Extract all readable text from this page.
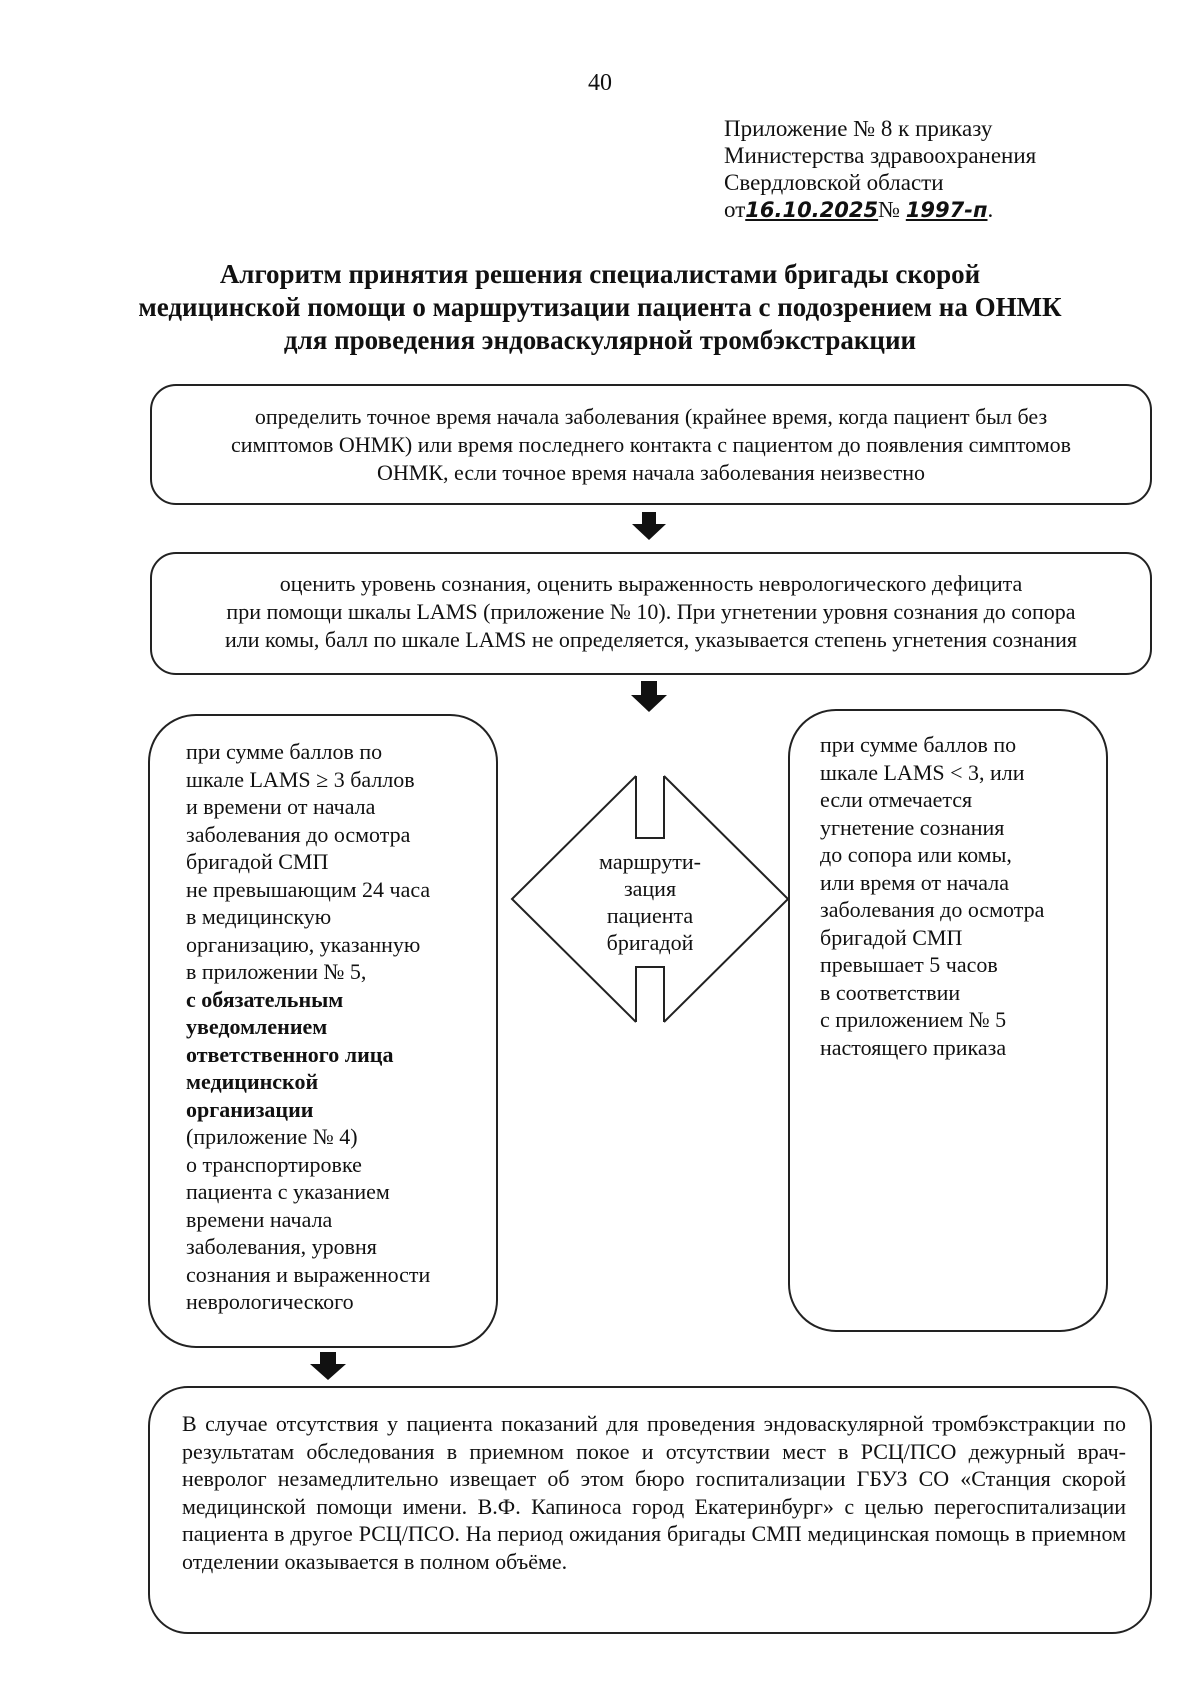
40
Приложение № 8 к приказу
Министерства здравоохранения
Свердловской области
от16.10.2025№ 1997-п.
Алгоритм принятия решения специалистами бригады скорой
медицинской помощи о маршрутизации пациента с подозрением на ОНМК
для проведения эндоваскулярной тромбэкстракции
определить точное время начала заболевания (крайнее время, когда пациент был без
симптомов ОНМК) или время последнего контакта с пациентом до появления симптомов
ОНМК, если точное время начала заболевания неизвестно
оценить уровень сознания, оценить выраженность неврологического дефицита
при помощи шкалы LAMS (приложение № 10). При угнетении уровня сознания до сопора
или комы, балл по шкале LAMS не определяется, указывается степень угнетения сознания
при сумме баллов по
шкале LAMS ≥ 3 баллов
и времени от начала
заболевания до осмотра
бригадой СМП
не превышающим 24 часа
в медицинскую
организацию, указанную
в приложении № 5,
с обязательным
уведомлением
ответственного лица
медицинской
организации
(приложение № 4)
о транспортировке
пациента с указанием
времени начала
заболевания, уровня
сознания и выраженности
неврологического
при сумме баллов по
шкале LAMS < 3, или
если отмечается
угнетение сознания
до сопора или комы,
или время от начала
заболевания до осмотра
бригадой СМП
превышает 5 часов
в соответствии
с приложением № 5
настоящего приказа
маршрути-
зация
пациента
бригадой
В случае отсутствия у пациента показаний для проведения эндоваскулярной тромбэкстракции по результатам обследования в приемном покое и отсутствии мест в РСЦ/ПСО дежурный врач-невролог незамедлительно извещает об этом бюро госпитализации ГБУЗ СО «Станция скорой медицинской помощи имени. В.Ф. Капиноса город Екатеринбург» с целью перегоспитализации пациента в другое РСЦ/ПСО. На период ожидания бригады СМП медицинская помощь в приемном отделении оказывается в полном объёме.
